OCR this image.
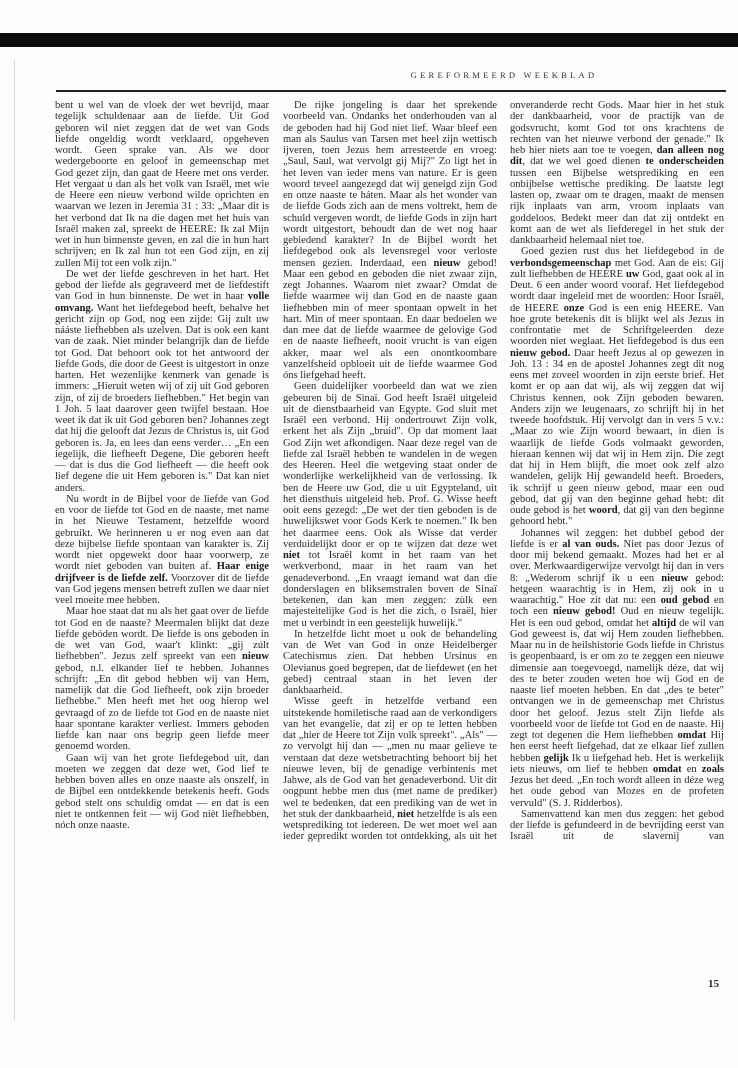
GEREFORMEERD WEEKBLAD

bent u wel van de vloek der wet bevrijd, maar tegelijk schuldenaar aan de liefde. Uit God geboren wil niet zeggen dat de wet van Gods liefde ongeldig wordt verklaard, opgeheven wordt. Geen sprake van. Als we door wedergeboorte en geloof in gemeenschap met God gezet zijn, dan gaat de Heere met ons verder. Het vergaat u dan als het volk van Israël, met wie de Heere een nieuw verbond wilde oprichten en waarvan we lezen in Jeremia 31 : 33: „Maar dit is het verbond dat Ik na die dagen met het huis van Israël maken zal, spreekt de HEERE: Ik zal Mijn wet in hun binnenste geven, en zal die in hun hart schrijven; en Ik zal hun tot een God zijn, en zij zullen Mij tot een volk zijn."

De wet der liefde geschreven in het hart. Het gebod der liefde als gegraveerd met de liefdestift van God in hun binnenste. De wet in haar volle omvang. Want het liefdegebod heeft, behalve het gericht zijn op God, nog een zijde: Gij zult uw nááste liefhebben als uzelven. Dat is ook een kant van de zaak. Niet minder belangrijk dan de liefde tot God. Dat behoort ook tot het antwoord der liefde Gods, die door de Geest is uitgestort in onze harten. Het wezenlijke kenmerk van genade is immers: „Hieruit weten wij of zij uit God geboren zijn, of zij de broeders liefhebben." Het begin van 1 Joh. 5 laat daarover geen twijfel bestaan. Hoe weet ik dat ik uit God geboren ben? Johannes zegt dat hij die gelooft dat Jezus de Christus is, uit God geboren is. Ja, en lees dan eens verder… „En een iegelijk, die liefheeft Degene, Die geboren heeft — dat is dus die God liefheeft — die heeft ook lief degene die uit Hem geboren is." Dat kan niet anders.

Nu wordt in de Bijbel voor de liefde van God en voor de liefde tot God en de naaste, met name in het Nieuwe Testament, hetzelfde woord gebruikt. We herinneren u er nog even aan dat deze bijbelse liefde spontaan van karakter is. Zij wordt niet opgewekt door haar voorwerp, ze wordt niet geboden van buiten af. Haar enige drijfveer is de liefde zelf. Voorzover dit de liefde van God jegens mensen betreft zullen we daar niet veel moeite mee hebben.

Maar hoe staat dat nu als het gaat over de liefde tot God en de naaste? Meermalen blijkt dat deze liefde gebóden wordt. De liefde is ons geboden in de wet van God, waar't klinkt: „gij zúlt liefhebben". Jezus zelf spreekt van een nieuw gebod, n.l. elkander lief te hebben. Johannes schrijft: „En dit gebod hebben wij van Hem, namelijk dat die God liefheeft, ook zijn broeder liefhebbe." Men heeft met het oog hierop wel gevraagd of zo de liefde tot God en de naaste niet haar spontane karakter verliest. Immers geboden liefde kan naar ons begrip geen liefde meer genoemd worden.

Gaan wij van het grote liefdegebod uit, dan moeten we zeggen dat deze wet, God lief te hebben boven alles en onze naaste als onszelf, in de Bijbel een ontdekkende betekenis heeft. Gods gebod stelt ons schuldig omdat — en dat is een niet te ontkennen feit — wij God nièt liefhebben, nóch onze naaste.

De rijke jongeling is daar het sprekende voorbeeld van. Ondanks het onderhouden van al de geboden had hij God niet lief. Waar bleef een man als Saulus van Tarsen met heel zijn wettisch ijveren, toen Jezus hem arresteerde en vroeg: „Saul, Saul, wat vervolgt gij Mij?" Zo ligt het in het leven van ieder mens van nature. Er is geen woord teveel aangezegd dat wij geneigd zijn God en onze naaste te háten. Maar als het wonder van de liefde Gods zich aan de mens voltrekt, hem de schuld vergeven wordt, de liefde Gods in zijn hart wordt uitgestort, behoudt dan de wet nog haar gebiedend karakter? In de Bijbel wordt het liefdegebod ook als levensregel voor verloste mensen gezien. Inderdaad, een nieuw gebod! Maar een gebod en geboden die niet zwaar zijn, zegt Johannes. Waarom niet zwaar? Omdat de liefde waarmee wij dan God en de naaste gaan liefhebben min of meer spontaan opwelt in het hart. Min of meer spontaan. En daar bedoelen we dan mee dat de liefde waarmee de gelovige God en de naaste liefheeft, nooit vrucht is van eigen akker, maar wel als een onontkoombare vanzelfsheid opbloeit uit de liefde waarmee God óns liefgehad heeft.

Geen duidelijker voorbeeld dan wat we zien gebeuren bij de Sinaï. God heeft Israël uitgeleid uit de dienstbaarheid van Egypte. God sluit met Israël een verbond. Hij ondertrouwt Zijn volk, erkent het als Zijn „bruid". Op dat moment laat God Zijn wet afkondigen. Naar deze regel van de liefde zal Israël hebben te wandelen in de wegen des Heeren. Heel die wetgeving staat onder de wonderlijke werkelijkheid van de verlossing. Ik ben de Heere uw God, die u uit Egypteland, uit het diensthuis uitgeleid heb. Prof. G. Wisse heeft ooit eens gezegd: „De wet der tien geboden is de huwelijkswet voor Gods Kerk te noemen." Ik ben het daarmee eens. Ook als Wisse dat verder verduidelijkt door er op te wijzen dat deze wet niet tot Israël komt in het raam van het werkverbond, maar in het raam van het genadeverbond. „En vraagt iemand wat dan die donderslagen en bliksemstralen boven de Sinaï betekenen, dan kan men zeggen: zùlk een majesteitelijke God is het die zich, o Israël, hier met u verbindt in een geestelijk huwelijk."

In hetzelfde licht moet u ook de behandeling van de Wet van God in onze Heidelberger Catechismus zien. Dat hebben Ursinus en Olevianus goed begrepen, dat de liefdewet (en het gebed) centraal staan in het leven der dankbaarheid.

Wisse geeft in hetzelfde verband een uitstekende homiletische raad aan de verkondigers van het evangelie, dat zij er op te letten hebben dat „hier de Heere tot Zijn volk spreekt". „Als" — zo vervolgt hij dan — „men nu maar gelieve te verstaan dat deze wetsbetrachting behoort bij het nieuwe leven, bij de genadige verbintenis met Jahwe, als de God van het genadeverbond. Uit dit oogpunt hebbe men dus (met name de prediker) wel te bedenken, dat een prediking van de wet in het stuk der dankbaarheid, niet hetzelfde is als een wetsprediking tot iedereen. De wet moet wel aan ieder gepredikt worden tot ontdekking, als uit het

onveranderde recht Gods. Maar hier in het stuk der dankbaarheid, voor de practijk van de godsvrucht, komt God tot ons krachtens de rechten van het nieuwe verbond der genade." Ik heb hier niets aan toe te voegen, dan alleen nog dit, dat we wel goed dienen te onderscheiden tussen een Bijbelse wetsprediking en een onbijbelse wettische prediking. De laatste legt lasten op, zwaar om te dragen, maakt de mensen rijk inplaats van arm, vroom inplaats van goddeloos. Bedekt meer dan dat zij ontdekt en komt aan de wet als liefderegel in het stuk der dankbaarheid helemaal niet toe.

Goed gezien rust dus het liefdegebod in de verbondsgemeenschap met God. Aan de eis: Gij zult liefhebben de HEERE uw God, gaat ook al in Deut. 6 een ander woord vooraf. Het liefdegebod wordt daar ingeleid met de woorden: Hoor Israël, de HEERE onze God is een enig HEERE. Van hoe grote betekenis dit is blijkt wel als Jezus in confrontatie met de Schriftgeleerden deze woorden niet weglaat. Het liefdegebod is dus een nieuw gebod. Daar heeft Jezus al op gewezen in Joh. 13 : 34 en de apostel Johannes zegt dit nog eens met zoveel woorden in zijn eerste brief. Het komt er op aan dat wij, als wij zeggen dat wij Christus kennen, ook Zijn geboden bewaren. Anders zijn we leugenaars, zo schrijft hij in het tweede hoofdstuk. Hij vervolgt dan in vers 5 v.v.: „Maar zo wie Zijn woord bewaart, in dien is waarlijk de liefde Gods volmaakt geworden, hieraan kennen wij dat wij in Hem zijn. Die zegt dat hij in Hem blijft, die moet ook zelf alzo wandelen, gelijk Hij gewandeld heeft. Broeders, ik schrijf u geen nieuw gebod, maar een oud gebod, dat gij van den beginne gehad hebt: dit oude gebod is het woord, dat gij van den beginne gehoord hebt."

Johannes wil zeggen: het dubbel gebod der liefde is er al van ouds. Niet pas door Jezus of door mij bekend gemaakt. Mozes had het er al over. Merkwaardigerwijze vervolgt hij dan in vers 8: „Wederom schrijf ik u een nieuw gebod: hetgeen waarachtig is in Hem, zij ook in u waarachtig." Hoe zit dat nu: een oud gebod en toch een nieuw gebod! Oud en nieuw tegelijk. Het is een oud gebod, omdat het altijd de wil van God geweest is, dat wij Hem zouden liefhebben. Maar nu in de heilshistorie Gods liefde in Christus is geopenbaard, is er om zo te zeggen een nieuwe dimensie aan toegevoegd, namelijk déze, dat wij des te beter zouden weten hoe wij God en de naaste lief moeten hebben. En dat „des te beter" ontvangen we in de gemeenschap met Christus door het geloof. Jezus stelt Zijn liefde als voorbeeld voor de liefde tot God en de naaste. Hij zegt tot degenen die Hem liefhebben omdat Hij hen eerst heeft liefgehad, dat ze elkaar lief zullen hebben gelijk Ik u liefgehad heb. Het is werkelijk iets nieuws, om lief te hebben omdat en zoals Jezus het deed. „En toch wordt alleen in déze weg het oude gebod van Mozes en de profeten vervuld" (S. J. Ridderbos).

Samenvattend kan men dus zeggen: het gebod der liefde is gefundeerd in de bevrijding eerst van Israël uit de slavernij van

15
